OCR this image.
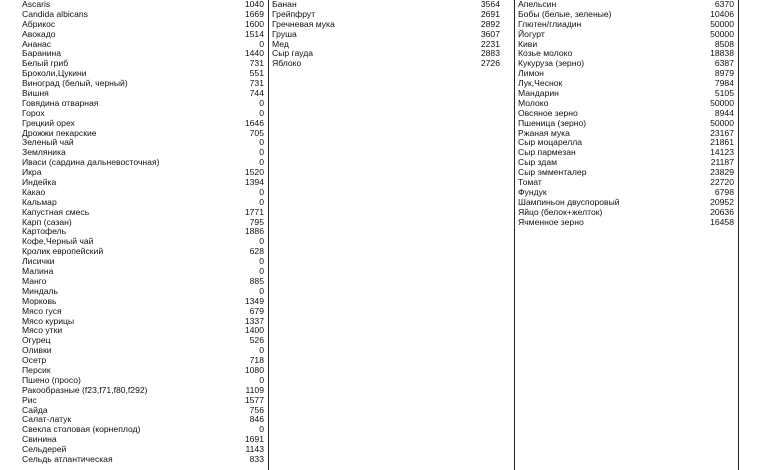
Ascaris	1040
Candida albicans	1669
Абрикос	1600
Авокадо	1514
Ананас	0
Баранина	1440
Белый гриб	731
Броколи,Цукини	551
Виноград (белый, черный)	731
Вишня	744
Говядина отварная	0
Горох	0
Грецкий орех	1646
Дрожжи пекарские	705
Зеленый чай	0
Земляника	0
Иваси (сардина дальневосточная)	0
Икра	1520
Индейка	1394
Какао	0
Кальмар	0
Капустная смесь	1771
Карп (сазан)	795
Картофель	1886
Кофе,Черный чай	0
Кролик европейский	628
Лисички	0
Малина	0
Манго	885
Миндаль	0
Морковь	1349
Мясо гуся	679
Мясо курицы	1337
Мясо утки	1400
Огурец	526
Оливки	0
Осетр	718
Персик	1080
Пшено (просо)	0
Ракообразные (f23,f71,f80,f292)	1109
Рис	1577
Сайда	756
Салат-латук	846
Свекла столовая (корнеплод)	0
Свинина	1691
Сельдерей	1143
Сельдь атлантическая	833
Банан	3564
Грейпфрут	2691
Гречневая мука	2892
Груша	3607
Мед	2231
Сыр гауда	2883
Яблоко	2726
Апельсин	6370
Бобы (белые, зеленые)	10406
Глютен/глиадин	50000
Йогурт	50000
Киви	8508
Козье молоко	18838
Кукуруза (зерно)	6387
Лимон	8979
Лук,Чеснок	7984
Мандарин	5105
Молоко	50000
Овсяное зерно	8944
Пшеница (зерно)	50000
Ржаная мука	23167
Сыр моцарелла	21861
Сыр пармезан	14123
Сыр здам	21187
Сыр эмменталер	23829
Томат	22720
Фундук	6798
Шампиньон двуспоровый	20952
Яйцо (белок+желток)	20636
Ячменное зерно	16458
